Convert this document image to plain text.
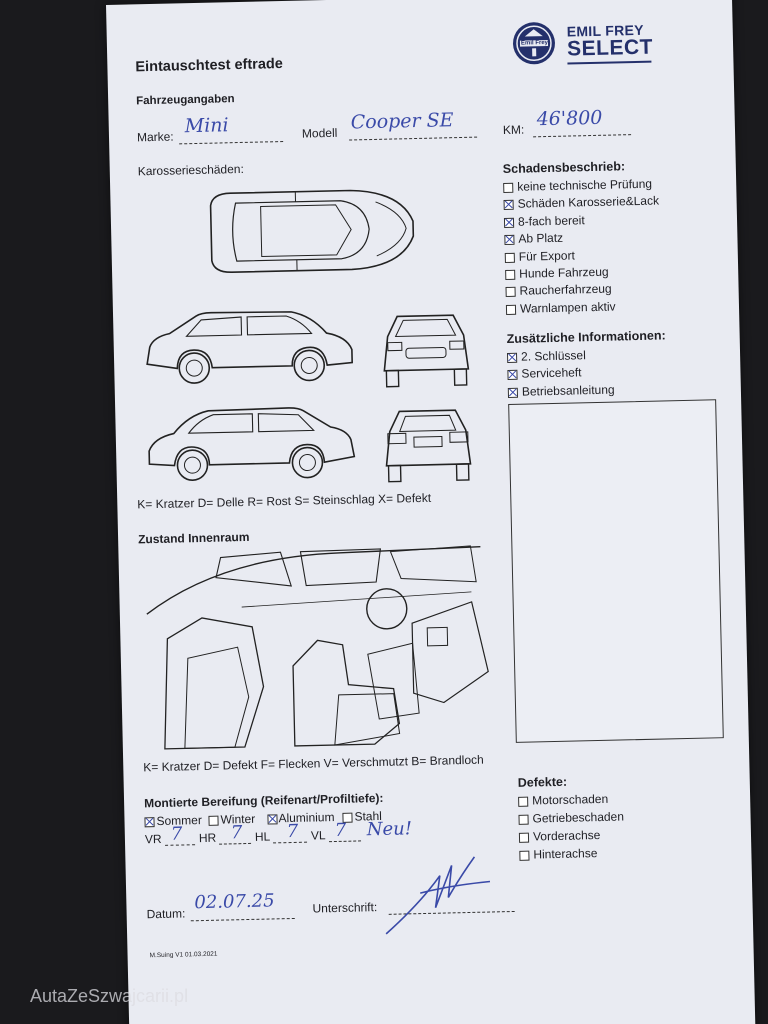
Eintauschtest eftrade
Emil Frey
EMIL FREY
SELECT
Fahrzeugangaben
Marke: Mini	Modell Cooper SE	KM: 46'800
Karosserieschäden:
K= Kratzer D= Delle R= Rost S= Steinschlag X= Defekt
Zustand Innenraum
K= Kratzer D= Defekt F= Flecken V= Verschmutzt B= Brandloch
Montierte Bereifung (Reifenart/Profiltiefe):
Sommer Winter Aluminium Stahl
VR 7 HR 7 HL 7 VL 7 Neu!
Datum:
02.07.25	Unterschrift:
M.Suing V1 01.03.2021
Schadensbeschrieb:
keine technische Prüfung
Schäden Karosserie&Lack
8-fach bereit
Ab Platz
Für Export
Hunde Fahrzeug
Raucherfahrzeug
Warnlampen aktiv
Zusätzliche Informationen:
2. Schlüssel
Serviceheft
Betriebsanleitung
Defekte:
Motorschaden
Getriebeschaden
Vorderachse
Hinterachse
AutaZeSzwajcarii.pl
